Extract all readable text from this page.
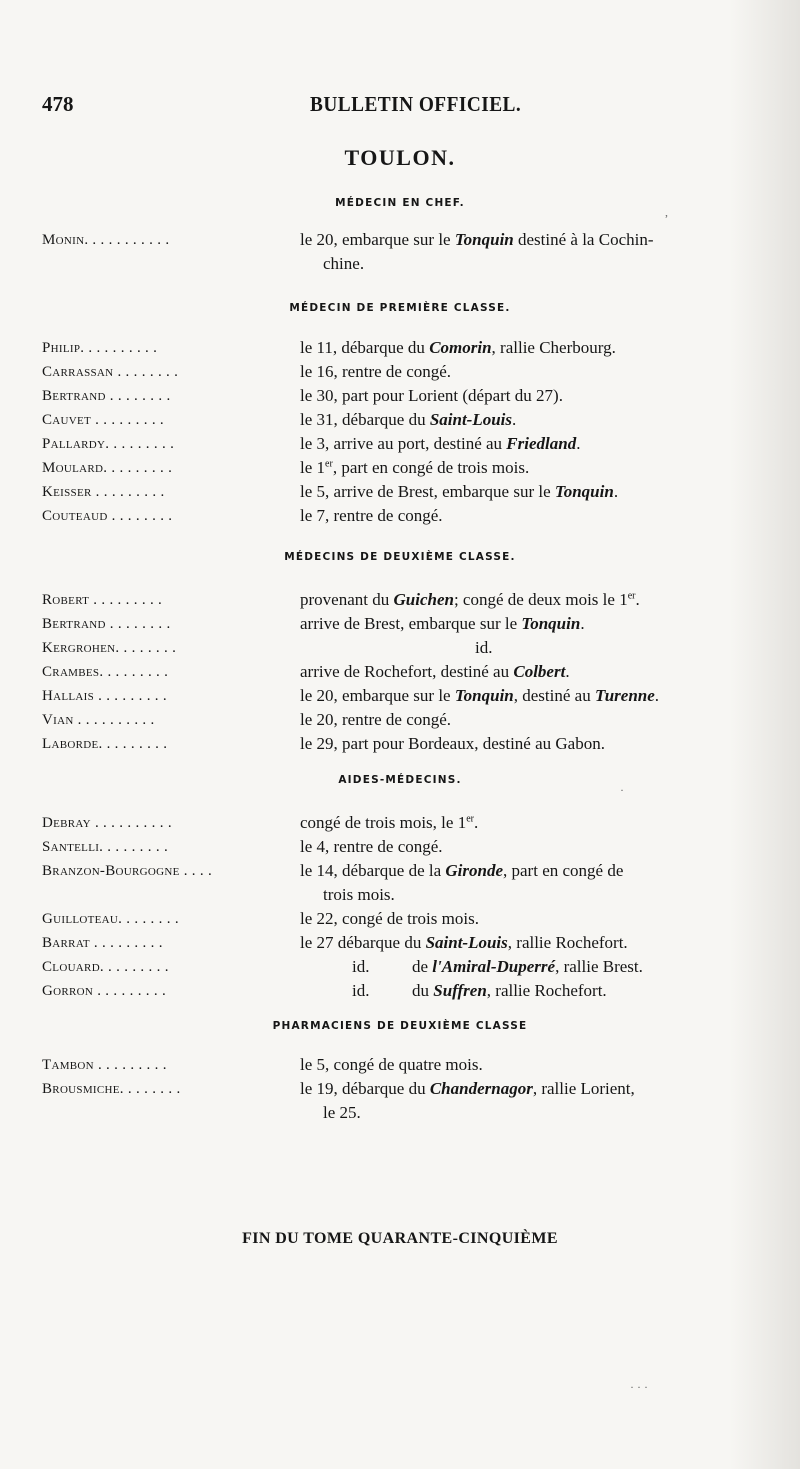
478	BULLETIN OFFICIEL.
TOULON.
MÉDECIN EN CHEF.
Monin. . . . . . . . . . .	le 20, embarque sur le Tonquin destiné à la Cochin-
chine.
MÉDECIN DE PREMIÈRE CLASSE.
Philip. . . . . . . . . .	le 11, débarque du Comorin, rallie Cherbourg.
Carrassan . . . . . . . .	le 16, rentre de congé.
Bertrand . . . . . . . .	le 30, part pour Lorient (départ du 27).
Cauvet . . . . . . . . .	le 31, débarque du Saint-Louis.
Pallardy. . . . . . . . .	le 3, arrive au port, destiné au Friedland.
Moulard. . . . . . . . .	le 1er, part en congé de trois mois.
Keisser . . . . . . . . .	le 5, arrive de Brest, embarque sur le Tonquin.
Couteaud . . . . . . . .	le 7, rentre de congé.
MÉDECINS DE DEUXIÈME CLASSE.
Robert . . . . . . . . .	provenant du Guichen; congé de deux mois le 1er.
Bertrand . . . . . . . .	arrive de Brest, embarque sur le Tonquin.
Kergrohen. . . . . . . .	id.
Crambes. . . . . . . . .	arrive de Rochefort, destiné au Colbert.
Hallais . . . . . . . . .	le 20, embarque sur le Tonquin, destiné au Turenne.
Vian . . . . . . . . . .	le 20, rentre de congé.
Laborde. . . . . . . . .	le 29, part pour Bordeaux, destiné au Gabon.
AIDES-MÉDECINS.
Debray . . . . . . . . . .	congé de trois mois, le 1er.
Santelli. . . . . . . . .	le 4, rentre de congé.
Branzon-Bourgogne . . . .	le 14, débarque de la Gironde, part en congé de
trois mois.
Guilloteau. . . . . . . .	le 22, congé de trois mois.
Barrat . . . . . . . . .	le 27 débarque du Saint-Louis, rallie Rochefort.
Clouard. . . . . . . . .	id.          de l'Amiral-Duperré, rallie Brest.
Gorron . . . . . . . . .	id.          du Suffren, rallie Rochefort.
PHARMACIENS DE DEUXIÈME CLASSE
Tambon . . . . . . . . .	le 5, congé de quatre mois.
Brousmiche. . . . . . . .	le 19, débarque du Chandernagor, rallie Lorient,
le 25.
FIN DU TOME QUARANTE-CINQUIÈME
,
·
· · ·
